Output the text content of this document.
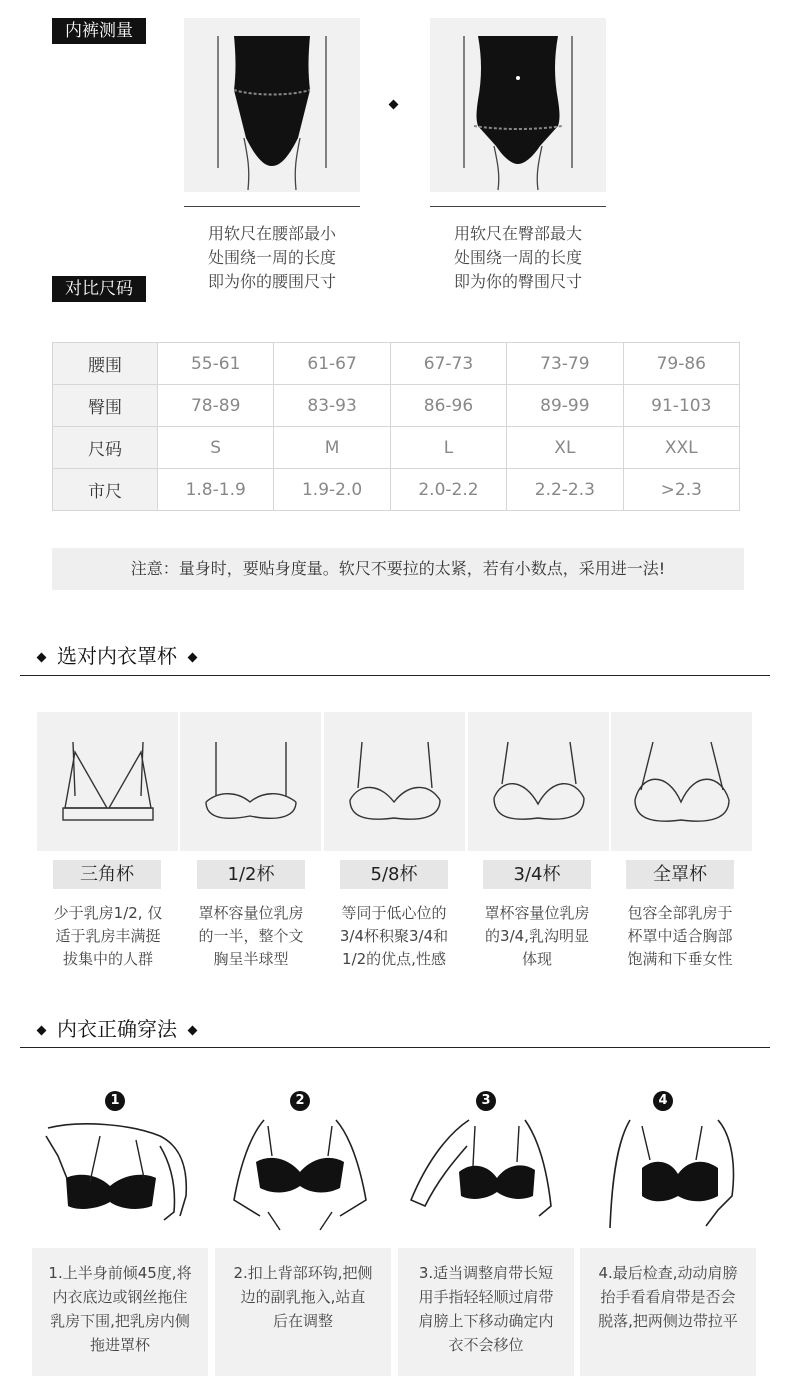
内裤测量
用软尺在腰部最小
处围绕一周的长度
即为你的腰围尺寸
用软尺在臀部最大
处围绕一周的长度
即为你的臀围尺寸
对比尺码
腰围	55-61	61-67	67-73	73-79	79-86
臀围	78-89	83-93	86-96	89-99	91-103
尺码	S	M	L	XL	XXL
市尺	1.8-1.9	1.9-2.0	2.0-2.2	2.2-2.3	>2.3
注意：量身时，要贴身度量。软尺不要拉的太紧，若有小数点，采用进一法!
选对内衣罩杯
三角杯	1/2杯	5/8杯	3/4杯	全罩杯
少于乳房1/2, 仅
适于乳房丰满挺
拔集中的人群
罩杯容量位乳房
的一半，整个文
胸呈半球型
等同于低心位的
3/4杯积聚3/4和
1/2的优点,性感
罩杯容量位乳房
的3/4,乳沟明显
体现
包容全部乳房于
杯罩中适合胸部
饱满和下垂女性
内衣正确穿法
1	2	3	4
1.上半身前倾45度,将
内衣底边或钢丝拖住
乳房下围,把乳房内侧
拖进罩杯
2.扣上背部环钩,把侧
边的副乳拖入,站直
后在调整
3.适当调整肩带长短
用手指轻轻顺过肩带
肩膀上下移动确定内
衣不会移位
4.最后检查,动动肩膀
抬手看看肩带是否会
脱落,把两侧边带拉平
